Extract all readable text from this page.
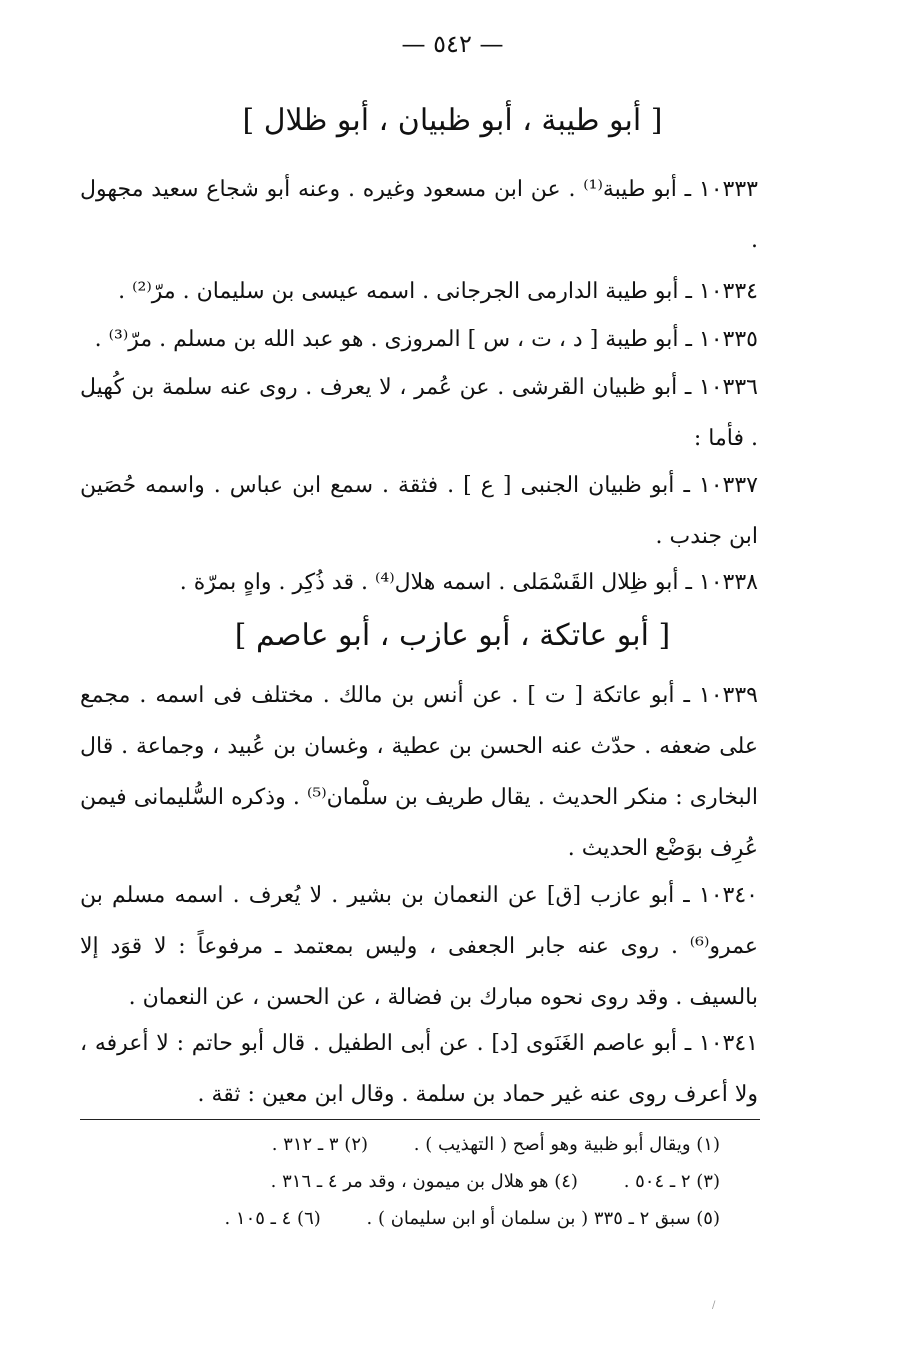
— ٥٤٢ —
[ أبو طيبة ، أبو ظبيان ، أبو ظلال ]

١٠٣٣٣ ـ أبو طيبة⁽¹⁾ . عن ابن مسعود وغيره . وعنه أبو شجاع سعيد مجهول .

١٠٣٣٤ ـ أبو طيبة الدارمى الجرجانى . اسمه عيسى بن سليمان . مرّ⁽²⁾ .

١٠٣٣٥ ـ أبو طيبة [ د ، ت ، س ] المروزى . هو عبد الله بن مسلم . مرّ⁽³⁾ .

١٠٣٣٦ ـ أبو ظبيان القرشى . عن عُمر ، لا يعرف . روى عنه سلمة بن كُهيل . فأما :

١٠٣٣٧ ـ أبو ظبيان الجنبى [ ع ] . فثقة . سمع ابن عباس . واسمه حُصَين ابن جندب .

١٠٣٣٨ ـ أبو ظِلال القَسْمَلى . اسمه هلال⁽⁴⁾ . قد ذُكِر . واهٍ بمرّة .

[ أبو عاتكة ، أبو عازب ، أبو عاصم ]

١٠٣٣٩ ـ أبو عاتكة [ ت ] . عن أنس بن مالك . مختلف فى اسمه . مجمع على ضعفه . حدّث عنه الحسن بن عطية ، وغسان بن عُبيد ، وجماعة . قال البخارى : منكر الحديث . يقال طريف بن سلْمان⁽⁵⁾ . وذكره السُّليمانى فيمن عُرِف بوَضْع الحديث .

١٠٣٤٠ ـ أبو عازب [ق] عن النعمان بن بشير . لا يُعرف . اسمه مسلم بن عمرو⁽⁶⁾ . روى عنه جابر الجعفى ، وليس بمعتمد ـ مرفوعاً : لا قوَد إلا بالسيف . وقد روى نحوه مبارك بن فضالة ، عن الحسن ، عن النعمان .

١٠٣٤١ ـ أبو عاصم الغَنَوى [د] . عن أبى الطفيل . قال أبو حاتم : لا أعرفه ، ولا أعرف روى عنه غير حماد بن سلمة . وقال ابن معين : ثقة .

(١) ويقال أبو ظبية وهو أصح ( التهذيب ) . (٢) ٣ ـ ٣١٢ .
(٣) ٢ ـ ٥٠٤ . (٤) هو هلال بن ميمون ، وقد مر ٤ ـ ٣١٦ .
(٥) سبق ٢ ـ ٣٣٥ ( بن سلمان أو ابن سليمان ) . (٦) ٤ ـ ١٠٥ .
/
